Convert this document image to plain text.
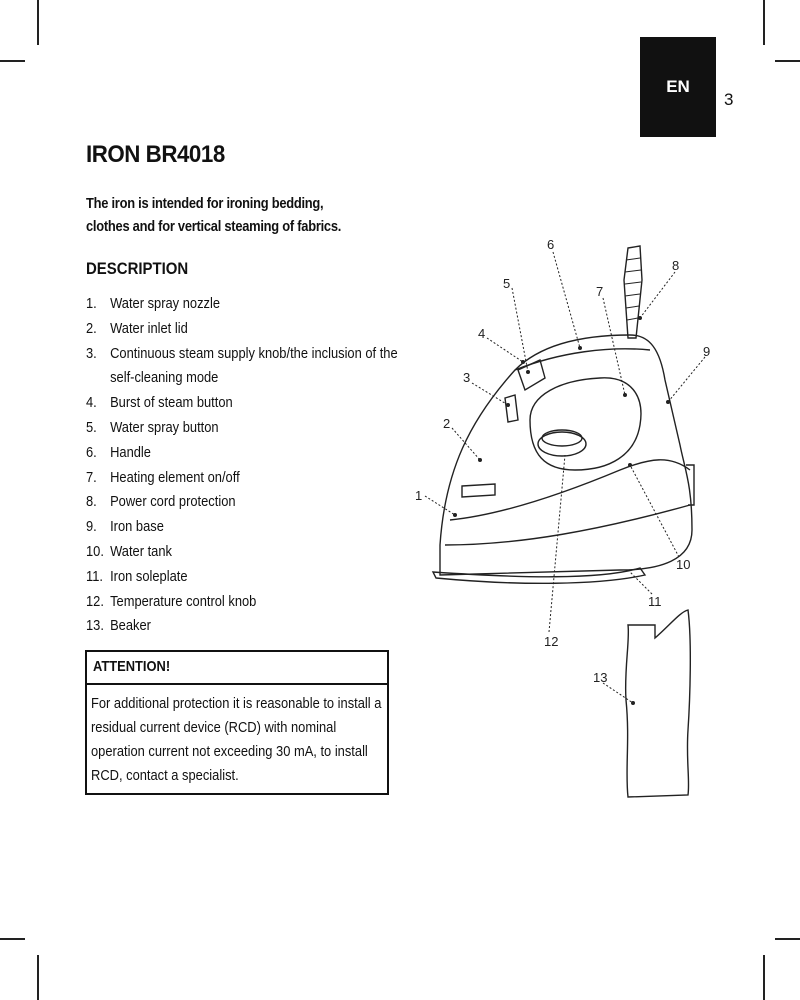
EN
3
IRON BR4018
The iron is intended for ironing bedding, clothes and for vertical steaming of fabrics.
DESCRIPTION
1. Water spray nozzle
2. Water inlet lid
3. Continuous steam supply knob/the inclusion of the self-cleaning mode
4. Burst of steam button
5. Water spray button
6. Handle
7. Heating element on/off
8. Power cord protection
9. Iron base
10. Water tank
11. Iron soleplate
12. Temperature control knob
13. Beaker
ATTENTION!
For additional protection it is reasonable to install a residual current device (RCD) with nominal operation current not exceeding 30 mA, to install RCD, contact a specialist.
1
2
3
4
5
6
7
8
9
10
11
12
13
